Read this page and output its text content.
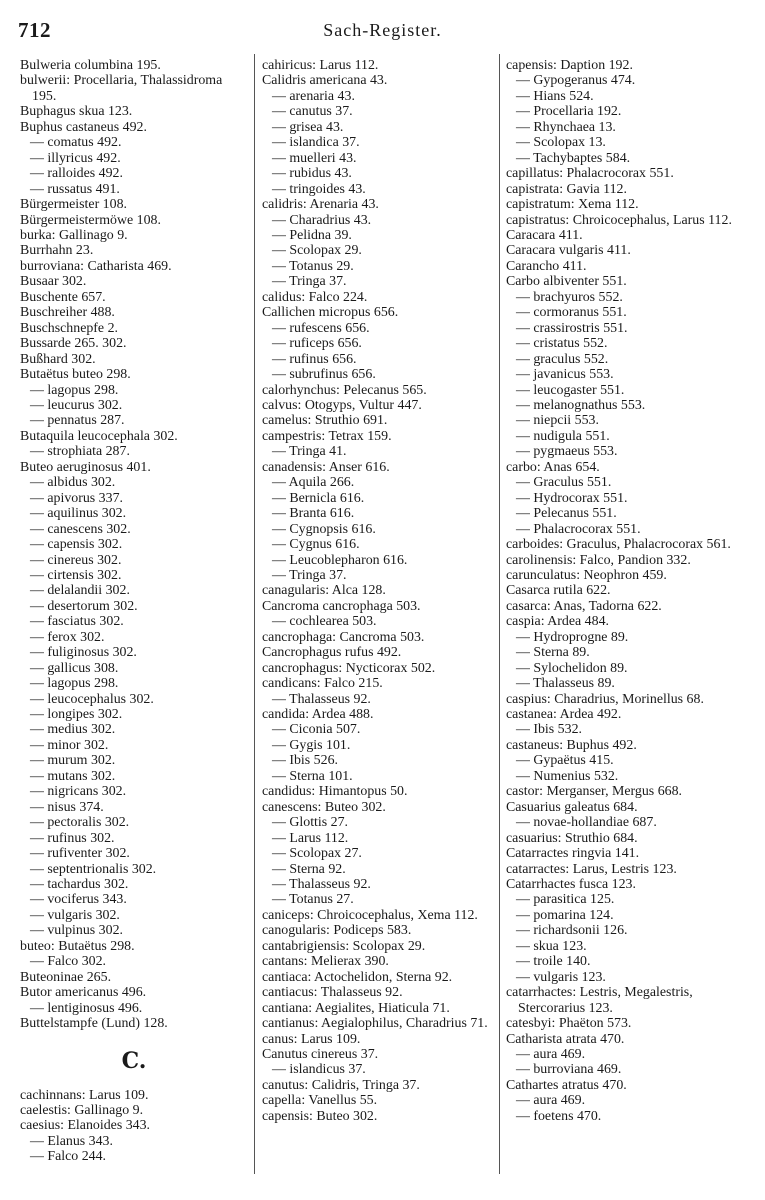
712	Sach-Register.

Bulweria columbina 195.

bulwerii: Procellaria, Thalassidroma 195.

Buphagus skua 123.

Buphus castaneus 492.

— comatus 492.

— illyricus 492.

— ralloides 492.

— russatus 491.

Bürgermeister 108.

Bürgermeistermöwe 108.

burka: Gallinago 9.

Burrhahn 23.

burroviana: Catharista 469.

Busaar 302.

Buschente 657.

Buschreiher 488.

Buschschnepfe 2.

Bussarde 265. 302.

Bußhard 302.

Butaëtus buteo 298.

— lagopus 298.

— leucurus 302.

— pennatus 287.

Butaquila leucocephala 302.

— strophiata 287.

Buteo aeruginosus 401.

— albidus 302.

— apivorus 337.

— aquilinus 302.

— canescens 302.

— capensis 302.

— cinereus 302.

— cirtensis 302.

— delalandii 302.

— desertorum 302.

— fasciatus 302.

— ferox 302.

— fuliginosus 302.

— gallicus 308.

— lagopus 298.

— leucocephalus 302.

— longipes 302.

— medius 302.

— minor 302.

— murum 302.

— mutans 302.

— nigricans 302.

— nisus 374.

— pectoralis 302.

— rufinus 302.

— rufiventer 302.

— septentrionalis 302.

— tachardus 302.

— vociferus 343.

— vulgaris 302.

— vulpinus 302.

buteo: Butaëtus 298.

— Falco 302.

Buteoninae 265.

Butor americanus 496.

— lentiginosus 496.

Buttelstampfe (Lund) 128.

C.

cachinnans: Larus 109.

caelestis: Gallinago 9.

caesius: Elanoides 343.

— Elanus 343.

— Falco 244.

cahiricus: Larus 112.

Calidris americana 43.

— arenaria 43.

— canutus 37.

— grisea 43.

— islandica 37.

— muelleri 43.

— rubidus 43.

— tringoides 43.

calidris: Arenaria 43.

— Charadrius 43.

— Pelidna 39.

— Scolopax 29.

— Totanus 29.

— Tringa 37.

calidus: Falco 224.

Callichen micropus 656.

— rufescens 656.

— ruficeps 656.

— rufinus 656.

— subrufinus 656.

calorhynchus: Pelecanus 565.

calvus: Otogyps, Vultur 447.

camelus: Struthio 691.

campestris: Tetrax 159.

— Tringa 41.

canadensis: Anser 616.

— Aquila 266.

— Bernicla 616.

— Branta 616.

— Cygnopsis 616.

— Cygnus 616.

— Leucoblepharon 616.

— Tringa 37.

canagularis: Alca 128.

Cancroma cancrophaga 503.

— cochlearea 503.

cancrophaga: Cancroma 503.

Cancrophagus rufus 492.

cancrophagus: Nycticorax 502.

candicans: Falco 215.

— Thalasseus 92.

candida: Ardea 488.

— Ciconia 507.

— Gygis 101.

— Ibis 526.

— Sterna 101.

candidus: Himantopus 50.

canescens: Buteo 302.

— Glottis 27.

— Larus 112.

— Scolopax 27.

— Sterna 92.

— Thalasseus 92.

— Totanus 27.

caniceps: Chroicocephalus, Xema 112.

canogularis: Podiceps 583.

cantabrigiensis: Scolopax 29.

cantans: Melierax 390.

cantiaca: Actochelidon, Sterna 92.

cantiacus: Thalasseus 92.

cantiana: Aegialites, Hiaticula 71.

cantianus: Aegialophilus, Charadrius 71.

canus: Larus 109.

Canutus cinereus 37.

— islandicus 37.

canutus: Calidris, Tringa 37.

capella: Vanellus 55.

capensis: Buteo 302.

capensis: Daption 192.

— Gypogeranus 474.

— Hians 524.

— Procellaria 192.

— Rhynchaea 13.

— Scolopax 13.

— Tachybaptes 584.

capillatus: Phalacrocorax 551.

capistrata: Gavia 112.

capistratum: Xema 112.

capistratus: Chroicocephalus, Larus 112.

Caracara 411.

Caracara vulgaris 411.

Carancho 411.

Carbo albiventer 551.

— brachyuros 552.

— cormoranus 551.

— crassirostris 551.

— cristatus 552.

— graculus 552.

— javanicus 553.

— leucogaster 551.

— melanognathus 553.

— niepcii 553.

— nudigula 551.

— pygmaeus 553.

carbo: Anas 654.

— Graculus 551.

— Hydrocorax 551.

— Pelecanus 551.

— Phalacrocorax 551.

carboides: Graculus, Phalacrocorax 561.

carolinensis: Falco, Pandion 332.

carunculatus: Neophron 459.

Casarca rutila 622.

casarca: Anas, Tadorna 622.

caspia: Ardea 484.

— Hydroprogne 89.

— Sterna 89.

— Sylochelidon 89.

— Thalasseus 89.

caspius: Charadrius, Morinellus 68.

castanea: Ardea 492.

— Ibis 532.

castaneus: Buphus 492.

— Gypaëtus 415.

— Numenius 532.

castor: Merganser, Mergus 668.

Casuarius galeatus 684.

— novae-hollandiae 687.

casuarius: Struthio 684.

Catarractes ringvia 141.

catarractes: Larus, Lestris 123.

Catarrhactes fusca 123.

— parasitica 125.

— pomarina 124.

— richardsonii 126.

— skua 123.

— troile 140.

— vulgaris 123.

catarrhactes: Lestris, Megalestris, Stercorarius 123.

catesbyi: Phaëton 573.

Catharista atrata 470.

— aura 469.

— burroviana 469.

Cathartes atratus 470.

— aura 469.

— foetens 470.
